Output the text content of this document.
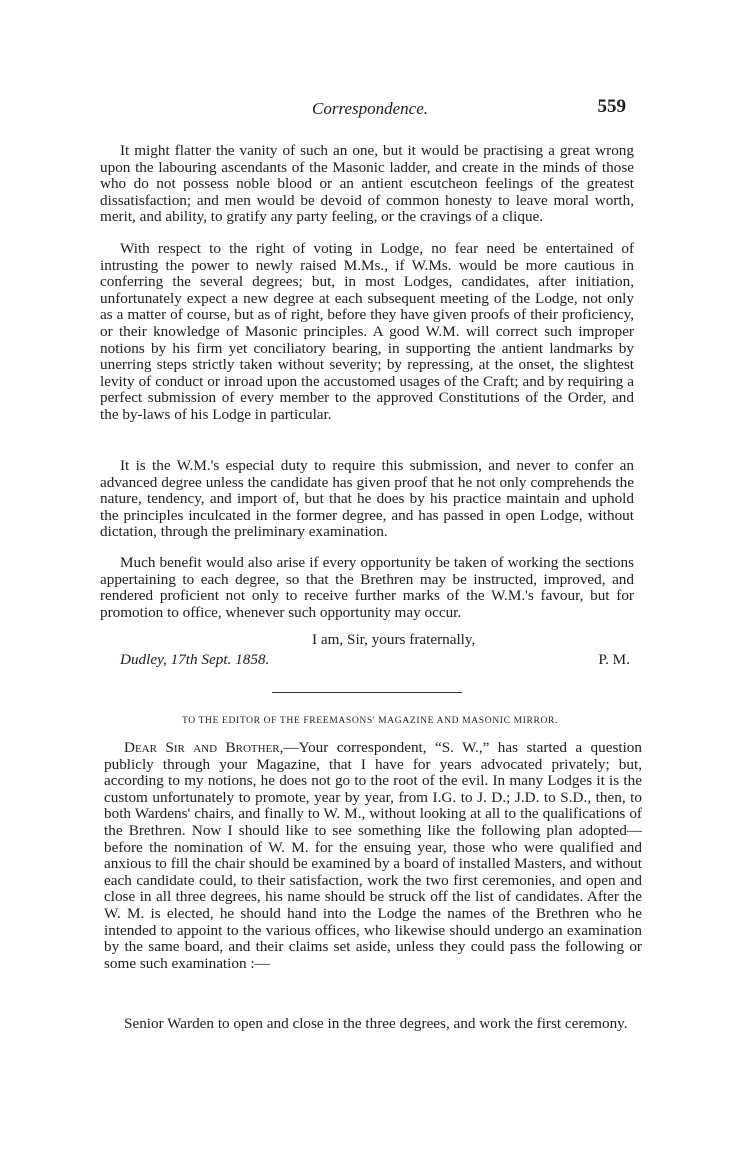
Correspondence.	559

It might flatter the vanity of such an one, but it would be practising a great wrong upon the labouring ascendants of the Masonic ladder, and create in the minds of those who do not possess noble blood or an antient escutcheon feelings of the greatest dissatisfaction; and men would be devoid of common honesty to leave moral worth, merit, and ability, to gratify any party feeling, or the cravings of a clique.

With respect to the right of voting in Lodge, no fear need be entertained of intrusting the power to newly raised M.Ms., if W.Ms. would be more cautious in conferring the several degrees; but, in most Lodges, candidates, after initiation, unfortunately expect a new degree at each subsequent meeting of the Lodge, not only as a matter of course, but as of right, before they have given proofs of their proficiency, or their knowledge of Masonic principles. A good W.M. will correct such improper notions by his firm yet conciliatory bearing, in supporting the antient landmarks by unerring steps strictly taken without severity; by repressing, at the onset, the slightest levity of conduct or inroad upon the accustomed usages of the Craft; and by requiring a perfect submission of every member to the approved Constitutions of the Order, and the by-laws of his Lodge in particular.

It is the W.M.'s especial duty to require this submission, and never to confer an advanced degree unless the candidate has given proof that he not only comprehends the nature, tendency, and import of, but that he does by his practice maintain and uphold the principles inculcated in the former degree, and has passed in open Lodge, without dictation, through the preliminary examination.

Much benefit would also arise if every opportunity be taken of working the sections appertaining to each degree, so that the Brethren may be instructed, improved, and rendered proficient not only to receive further marks of the W.M.'s favour, but for promotion to office, whenever such opportunity may occur.

I am, Sir, yours fraternally,
Dudley, 17th Sept. 1858.	P. M.
TO THE EDITOR OF THE FREEMASONS' MAGAZINE AND MASONIC MIRROR.

Dear Sir and Brother,—Your correspondent, “S. W.,” has started a question publicly through your Magazine, that I have for years advocated privately; but, according to my notions, he does not go to the root of the evil. In many Lodges it is the custom unfortunately to promote, year by year, from I.G. to J. D.; J.D. to S.D., then, to both Wardens' chairs, and finally to W. M., without looking at all to the qualifications of the Brethren. Now I should like to see something like the following plan adopted—before the nomination of W. M. for the ensuing year, those who were qualified and anxious to fill the chair should be examined by a board of installed Masters, and without each candidate could, to their satisfaction, work the two first ceremonies, and open and close in all three degrees, his name should be struck off the list of candidates. After the W. M. is elected, he should hand into the Lodge the names of the Brethren who he intended to appoint to the various offices, who likewise should undergo an examination by the same board, and their claims set aside, unless they could pass the following or some such examination :—

Senior Warden to open and close in the three degrees, and work the first ceremony.
